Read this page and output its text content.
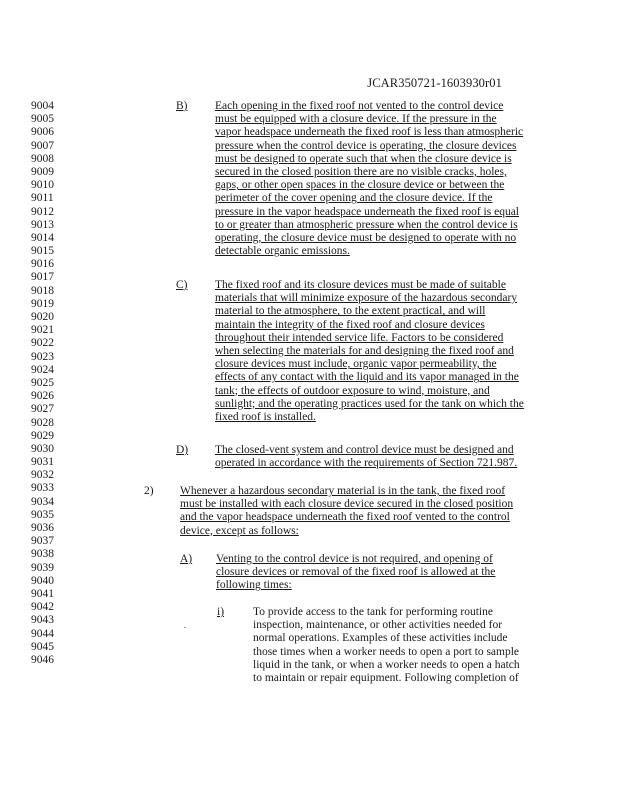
JCAR350721-1603930r01
9004
9005
9006
9007
9008
9009
9010
9011
9012
9013
9014
9015
9016
9017
9018
9019
9020
9021
9022
9023
9024
9025
9026
9027
9028
9029
9030
9031
9032
9033
9034
9035
9036
9037
9038
9039
9040
9041
9042
9043
9044
9045
9046
B) Each opening in the fixed roof not vented to the control device
must be equipped with a closure device. If the pressure in the
vapor headspace underneath the fixed roof is less than atmospheric
pressure when the control device is operating, the closure devices
must be designed to operate such that when the closure device is
secured in the closed position there are no visible cracks, holes,
gaps, or other open spaces in the closure device or between the
perimeter of the cover opening and the closure device. If the
pressure in the vapor headspace underneath the fixed roof is equal
to or greater than atmospheric pressure when the control device is
operating, the closure device must be designed to operate with no
detectable organic emissions.
C) The fixed roof and its closure devices must be made of suitable
materials that will minimize exposure of the hazardous secondary
material to the atmosphere, to the extent practical, and will
maintain the integrity of the fixed roof and closure devices
throughout their intended service life. Factors to be considered
when selecting the materials for and designing the fixed roof and
closure devices must include, organic vapor permeability, the
effects of any contact with the liquid and its vapor managed in the
tank; the effects of outdoor exposure to wind, moisture, and
sunlight; and the operating practices used for the tank on which the
fixed roof is installed.
D) The closed-vent system and control device must be designed and
operated in accordance with the requirements of Section 721.987.
2) Whenever a hazardous secondary material is in the tank, the fixed roof
must be installed with each closure device secured in the closed position
and the vapor headspace underneath the fixed roof vented to the control
device, except as follows:
A) Venting to the control device is not required, and opening of
closure devices or removal of the fixed roof is allowed at the
following times:
i)	To provide access to the tank for performing routine
inspection, maintenance, or other activities needed for
normal operations. Examples of these activities include
those times when a worker needs to open a port to sample
liquid in the tank, or when a worker needs to open a hatch
to maintain or repair equipment. Following completion of
